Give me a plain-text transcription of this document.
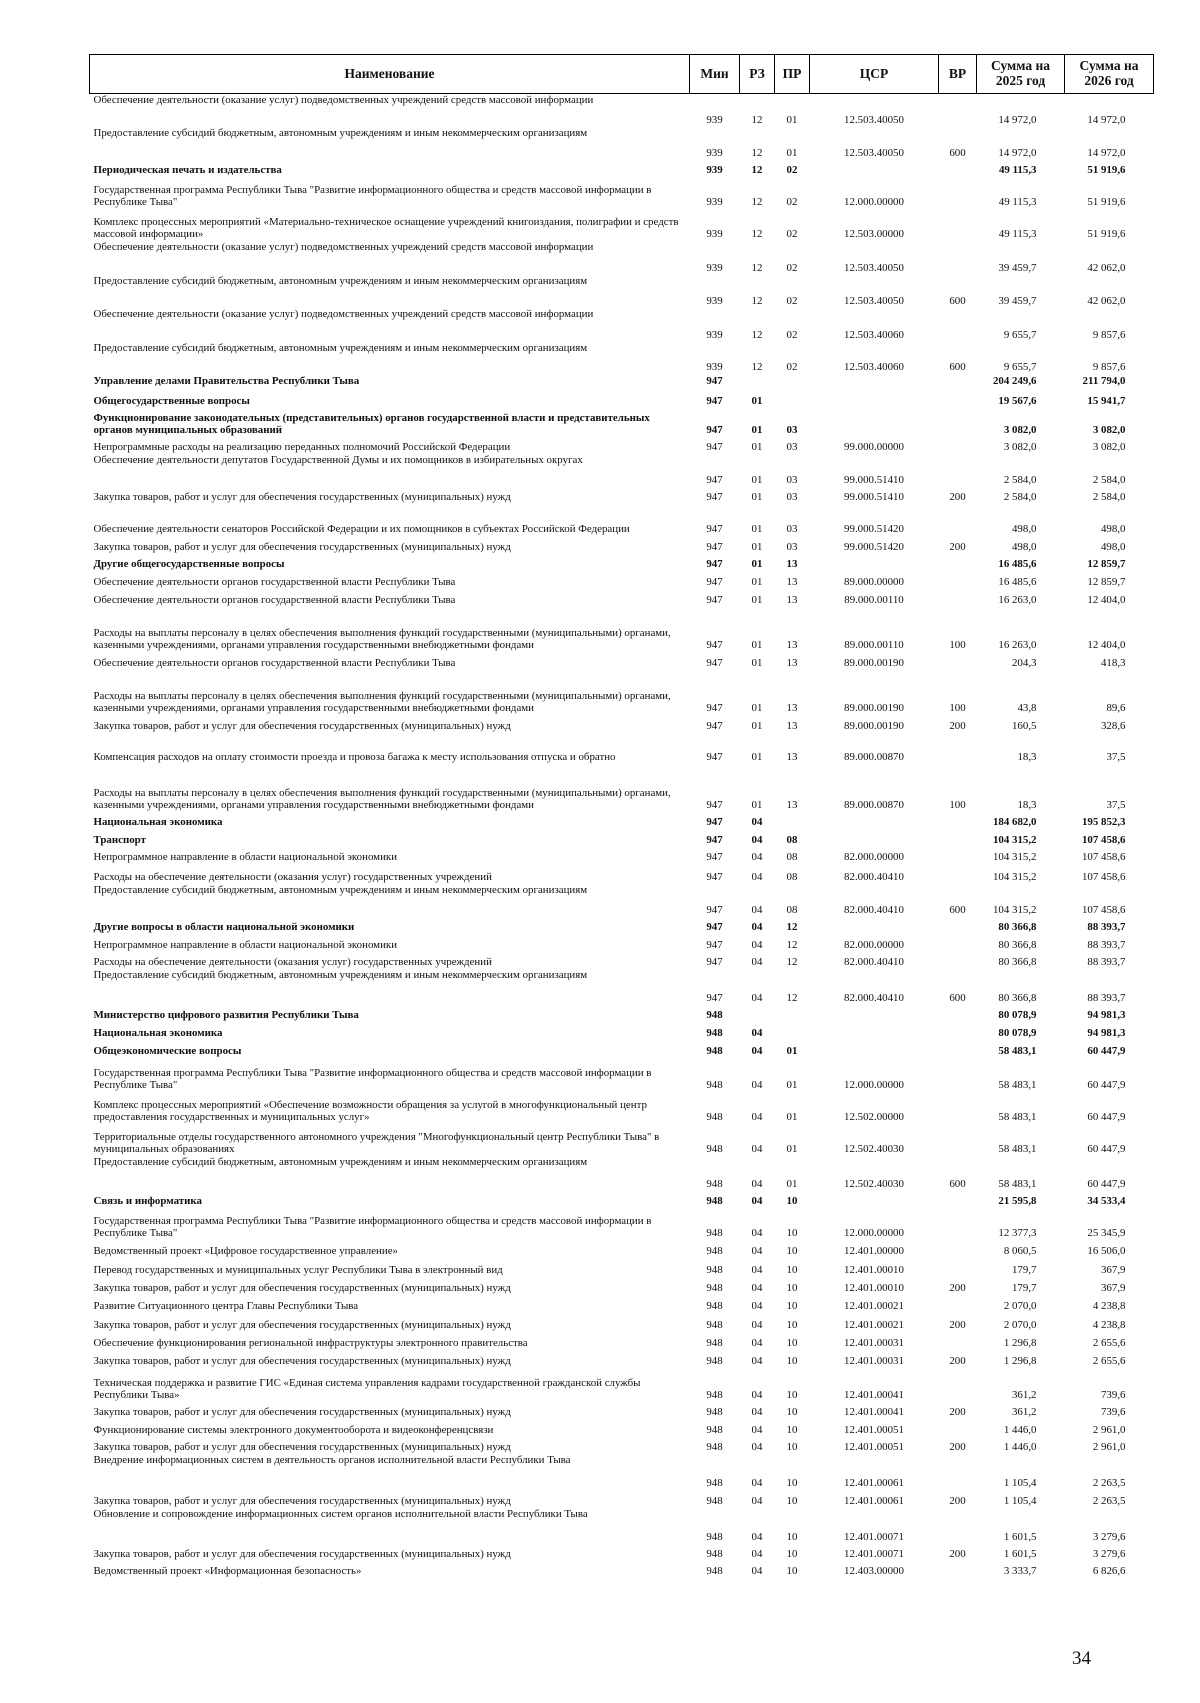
Наименование	Мин	РЗ	ПР	ЦСР	ВР	Сумма на 2025 год	Сумма на 2026 год
Обеспечение деятельности (оказание услуг) подведомственных учреждений средств массовой информации	939	12	01	12.503.40050		14 972,0	14 972,0
Предоставление субсидий бюджетным, автономным учреждениям и иным некоммерческим организациям	939	12	01	12.503.40050	600	14 972,0	14 972,0
Периодическая печать и издательства	939	12	02			49 115,3	51 919,6
Государственная программа Республики Тыва "Развитие информационного общества и средств массовой информации в Республике Тыва"	939	12	02	12.000.00000		49 115,3	51 919,6
Комплекс процессных мероприятий «Материально-техническое оснащение учреждений книгоиздания, полиграфии и средств массовой информации»	939	12	02	12.503.00000		49 115,3	51 919,6
Обеспечение деятельности (оказание услуг) подведомственных учреждений средств массовой информации	939	12	02	12.503.40050		39 459,7	42 062,0
Предоставление субсидий бюджетным, автономным учреждениям и иным некоммерческим организациям	939	12	02	12.503.40050	600	39 459,7	42 062,0
Обеспечение деятельности (оказание услуг) подведомственных учреждений средств массовой информации	939	12	02	12.503.40060		9 655,7	9 857,6
Предоставление субсидий бюджетным, автономным учреждениям и иным некоммерческим организациям	939	12	02	12.503.40060	600	9 655,7	9 857,6
Управление делами Правительства Республики Тыва	947					204 249,6	211 794,0
Общегосударственные вопросы	947	01				19 567,6	15 941,7
Функционирование законодательных (представительных) органов государственной власти и представительных органов муниципальных образований	947	01	03			3 082,0	3 082,0
Непрограммные расходы на реализацию переданных полномочий Российской Федерации	947	01	03	99.000.00000		3 082,0	3 082,0
Обеспечение деятельности депутатов Государственной Думы и их помощников в избирательных округах	947	01	03	99.000.51410		2 584,0	2 584,0
Закупка товаров, работ и услуг для обеспечения государственных (муниципальных) нужд	947	01	03	99.000.51410	200	2 584,0	2 584,0
Обеспечение деятельности сенаторов Российской Федерации и их помощников в субъектах Российской Федерации	947	01	03	99.000.51420		498,0	498,0
Закупка товаров, работ и услуг для обеспечения государственных (муниципальных) нужд	947	01	03	99.000.51420	200	498,0	498,0
Другие общегосударственные вопросы	947	01	13			16 485,6	12 859,7
Обеспечение деятельности органов государственной власти Республики Тыва	947	01	13	89.000.00000		16 485,6	12 859,7
Обеспечение деятельности органов государственной власти Республики Тыва	947	01	13	89.000.00110		16 263,0	12 404,0
Расходы на выплаты персоналу в целях обеспечения выполнения функций государственными (муниципальными) органами, казенными учреждениями, органами управления государственными внебюджетными фондами	947	01	13	89.000.00110	100	16 263,0	12 404,0
Обеспечение деятельности органов государственной власти Республики Тыва	947	01	13	89.000.00190		204,3	418,3
Расходы на выплаты персоналу в целях обеспечения выполнения функций государственными (муниципальными) органами, казенными учреждениями, органами управления государственными внебюджетными фондами	947	01	13	89.000.00190	100	43,8	89,6
Закупка товаров, работ и услуг для обеспечения государственных (муниципальных) нужд	947	01	13	89.000.00190	200	160,5	328,6
Компенсация расходов на оплату стоимости проезда и провоза багажа к месту использования отпуска и обратно	947	01	13	89.000.00870		18,3	37,5
Расходы на выплаты персоналу в целях обеспечения выполнения функций государственными (муниципальными) органами, казенными учреждениями, органами управления государственными внебюджетными фондами	947	01	13	89.000.00870	100	18,3	37,5
Национальная экономика	947	04				184 682,0	195 852,3
Транспорт	947	04	08			104 315,2	107 458,6
Непрограммное направление в области национальной экономики	947	04	08	82.000.00000		104 315,2	107 458,6
Расходы на обеспечение деятельности (оказания услуг) государственных учреждений	947	04	08	82.000.40410		104 315,2	107 458,6
Предоставление субсидий бюджетным, автономным учреждениям и иным некоммерческим организациям	947	04	08	82.000.40410	600	104 315,2	107 458,6
Другие вопросы в области национальной экономики	947	04	12			80 366,8	88 393,7
Непрограммное направление в области национальной экономики	947	04	12	82.000.00000		80 366,8	88 393,7
Расходы на обеспечение деятельности (оказания услуг) государственных учреждений	947	04	12	82.000.40410		80 366,8	88 393,7
Предоставление субсидий бюджетным, автономным учреждениям и иным некоммерческим организациям	947	04	12	82.000.40410	600	80 366,8	88 393,7
Министерство цифрового развития Республики Тыва	948					80 078,9	94 981,3
Национальная экономика	948	04				80 078,9	94 981,3
Общеэкономические вопросы	948	04	01			58 483,1	60 447,9
Государственная программа Республики Тыва "Развитие информационного общества и средств массовой информации в Республике Тыва"	948	04	01	12.000.00000		58 483,1	60 447,9
Комплекс процессных мероприятий «Обеспечение возможности обращения за услугой в многофункциональный центр предоставления государственных и муниципальных услуг»	948	04	01	12.502.00000		58 483,1	60 447,9
Территориальные отделы государственного автономного учреждения "Многофункциональный центр Республики Тыва" в муниципальных образованиях	948	04	01	12.502.40030		58 483,1	60 447,9
Предоставление субсидий бюджетным, автономным учреждениям и иным некоммерческим организациям	948	04	01	12.502.40030	600	58 483,1	60 447,9
Связь и информатика	948	04	10			21 595,8	34 533,4
Государственная программа Республики Тыва "Развитие информационного общества и средств массовой информации в Республике Тыва"	948	04	10	12.000.00000		12 377,3	25 345,9
Ведомственный проект «Цифровое государственное управление»	948	04	10	12.401.00000		8 060,5	16 506,0
Перевод государственных и муниципальных услуг Республики Тыва в электронный вид	948	04	10	12.401.00010		179,7	367,9
Закупка товаров, работ и услуг для обеспечения государственных (муниципальных) нужд	948	04	10	12.401.00010	200	179,7	367,9
Развитие Ситуационного центра Главы Республики Тыва	948	04	10	12.401.00021		2 070,0	4 238,8
Закупка товаров, работ и услуг для обеспечения государственных (муниципальных) нужд	948	04	10	12.401.00021	200	2 070,0	4 238,8
Обеспечение функционирования региональной инфраструктуры электронного правительства	948	04	10	12.401.00031		1 296,8	2 655,6
Закупка товаров, работ и услуг для обеспечения государственных (муниципальных) нужд	948	04	10	12.401.00031	200	1 296,8	2 655,6
Техническая поддержка и развитие ГИС «Единая система управления кадрами государственной гражданской службы Республики Тыва»	948	04	10	12.401.00041		361,2	739,6
Закупка товаров, работ и услуг для обеспечения государственных (муниципальных) нужд	948	04	10	12.401.00041	200	361,2	739,6
Функционирование системы электронного документооборота и видеоконференцсвязи	948	04	10	12.401.00051		1 446,0	2 961,0
Закупка товаров, работ и услуг для обеспечения государственных (муниципальных) нужд	948	04	10	12.401.00051	200	1 446,0	2 961,0
Внедрение информационных систем в деятельность органов исполнительной власти Республики Тыва	948	04	10	12.401.00061		1 105,4	2 263,5
Закупка товаров, работ и услуг для обеспечения государственных (муниципальных) нужд	948	04	10	12.401.00061	200	1 105,4	2 263,5
Обновление и сопровождение информационных систем органов исполнительной власти Республики Тыва	948	04	10	12.401.00071		1 601,5	3 279,6
Закупка товаров, работ и услуг для обеспечения государственных (муниципальных) нужд	948	04	10	12.401.00071	200	1 601,5	3 279,6
Ведомственный проект «Информационная безопасность»	948	04	10	12.403.00000		3 333,7	6 826,6
34
